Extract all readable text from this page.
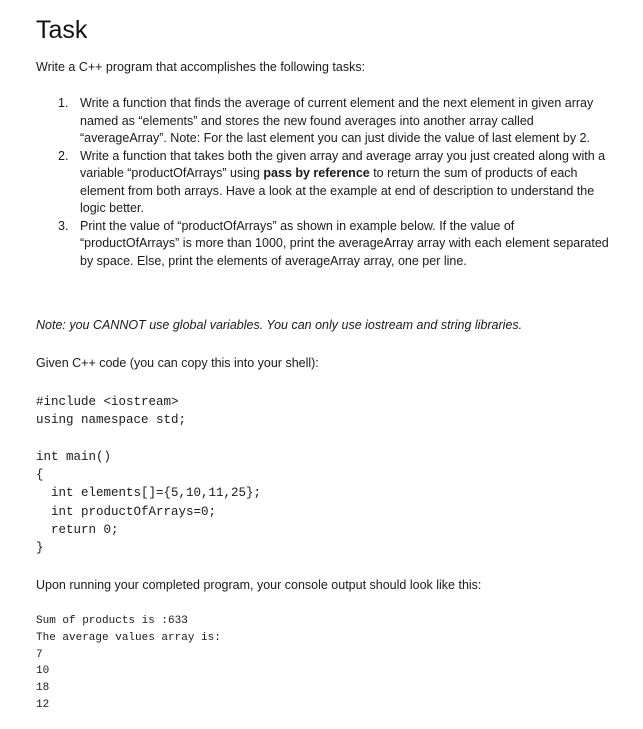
Task

Write a C++ program that accomplishes the following tasks:

1. Write a function that finds the average of current element and the next element in given array named as “elements” and stores the new found averages into another array called “averageArray”. Note: For the last element you can just divide the value of last element by 2.
2. Write a function that takes both the given array and average array you just created along with a variable “productOfArrays” using pass by reference to return the sum of products of each element from both arrays. Have a look at the example at end of description to understand the logic better.
3. Print the value of “productOfArrays” as shown in example below. If the value of “productOfArrays” is more than 1000, print the averageArray array with each element separated by space. Else, print the elements of averageArray array, one per line.

Note: you CANNOT use global variables. You can only use iostream and string libraries.

Given C++ code (you can copy this into your shell):

#include <iostream>
using namespace std;

int main()
{
int elements[]={5,10,11,25};
int productOfArrays=0;
return 0;
}

Upon running your completed program, your console output should look like this:

Sum of products is :633
The average values array is:
7
10
18
12
